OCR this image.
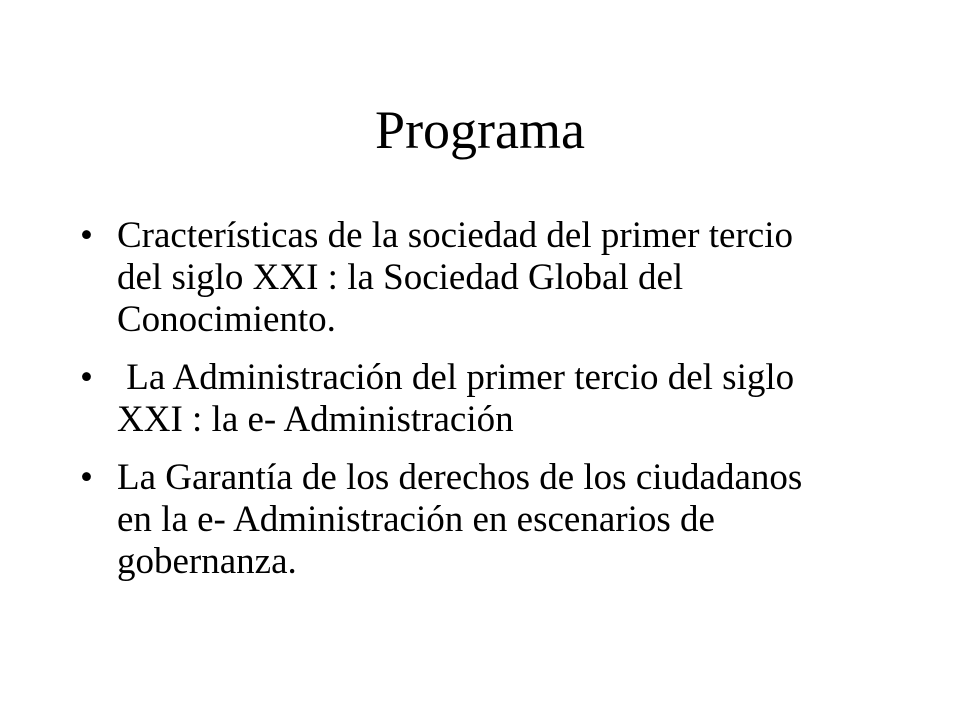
Programa
• Cracterísticas de la sociedad del primer tercio del siglo XXI : la Sociedad Global del Conocimiento.
• La Administración del primer tercio del siglo XXI : la e- Administración
• La Garantía de los derechos de los ciudadanos en la e- Administración en escenarios de gobernanza.
